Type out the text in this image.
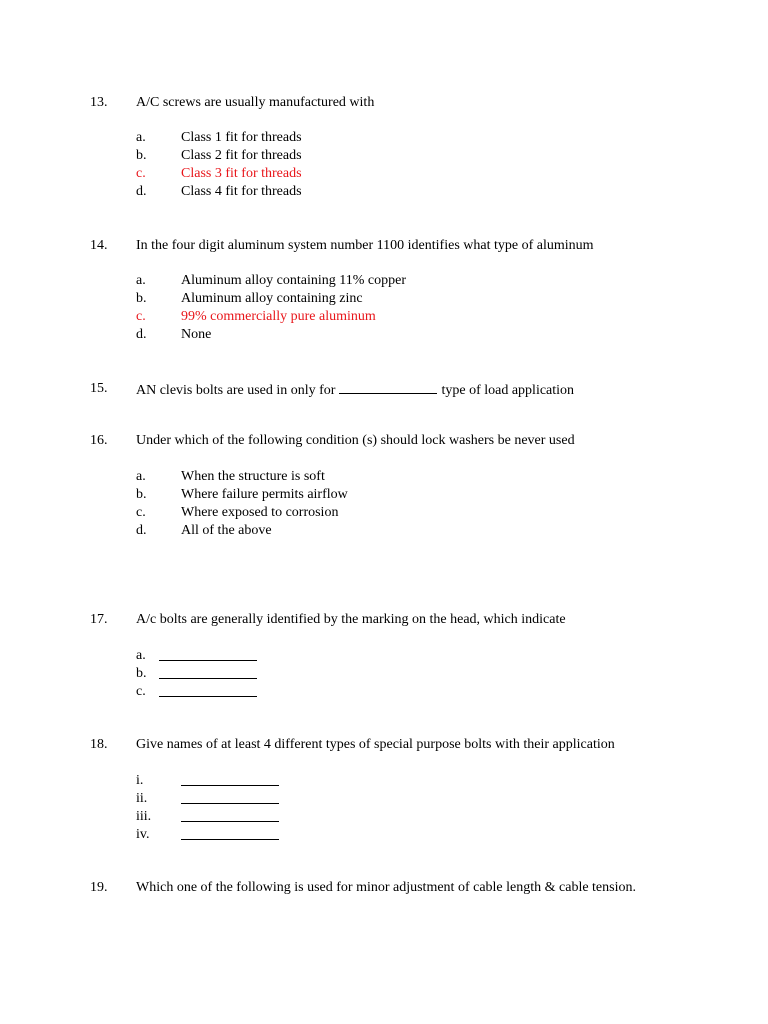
13. A/C screws are usually manufactured with
a.	Class 1 fit for threads
b. Class 2 fit for threads
c.	Class 3 fit for threads
d. Class 4 fit for threads
14. In the four digit aluminum system number 1100 identifies what type of aluminum
a.	Aluminum alloy containing 11% copper
b. Aluminum alloy containing zinc
c.	99% commercially pure aluminum
d. None
15. AN clevis bolts are used in only for	type of load application
16. Under which of the following condition (s) should lock washers be never used
a.	When the structure is soft
b. Where failure permits airflow
c.	Where exposed to corrosion
d. All of the above
17. A/c bolts are generally identified by the marking on the head, which indicate
a.
b.
c.
18. Give names of at least 4 different types of special purpose bolts with their application
i.
ii.
iii.
iv.
19. Which one of the following is used for minor adjustment of cable length & cable tension.
